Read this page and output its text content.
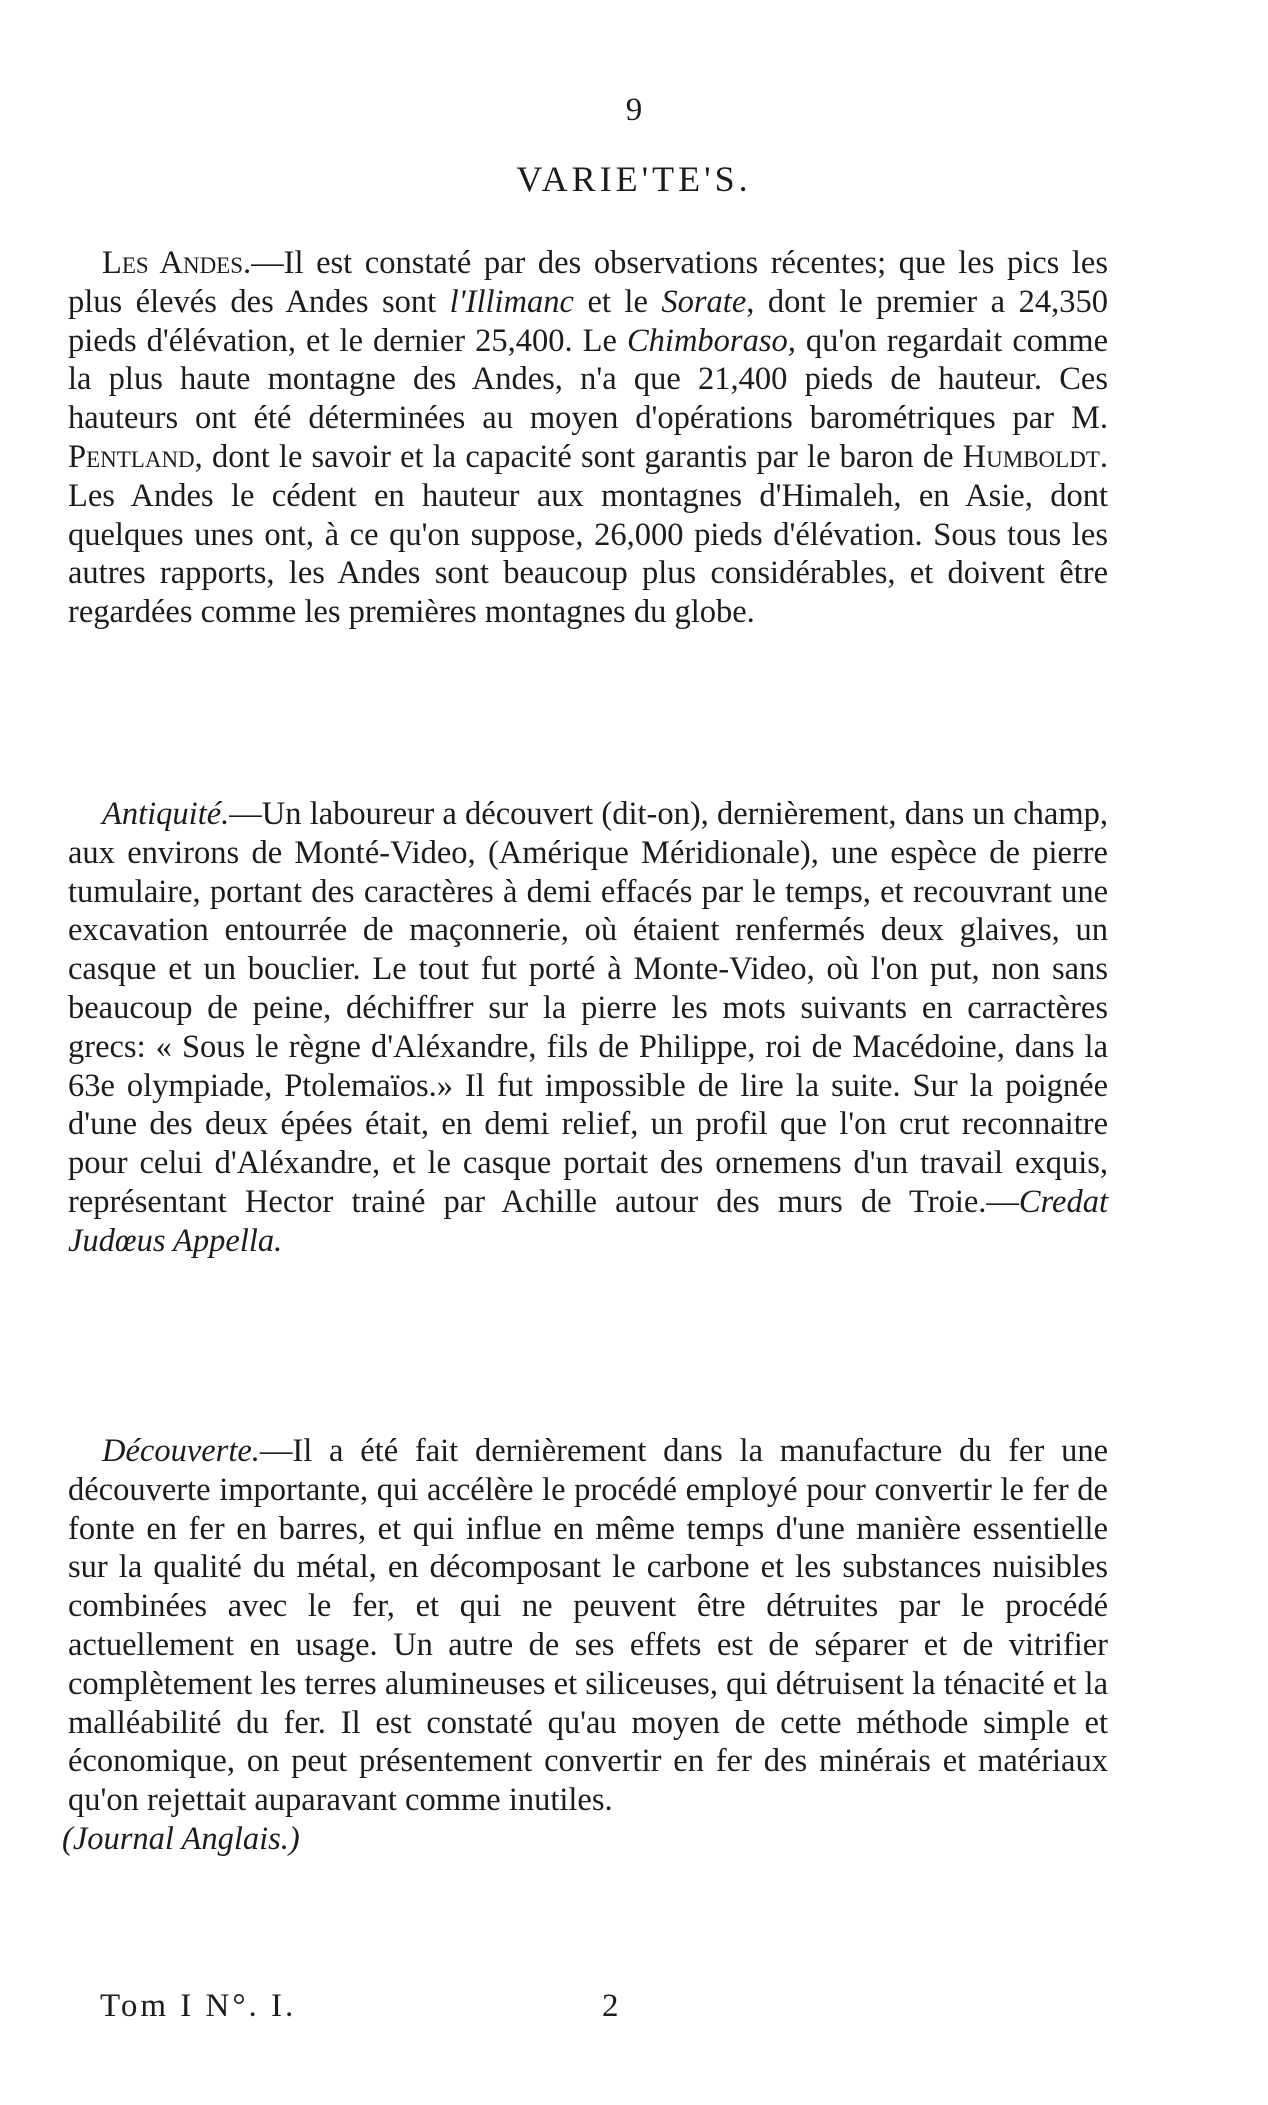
9
VARIE'TE'S.

Les Andes.—Il est constaté par des observations récentes; que les pics les plus élevés des Andes sont l'Illimanc et le Sorate, dont le premier a 24,350 pieds d'élévation, et le dernier 25,400. Le Chimboraso, qu'on regardait comme la plus haute montagne des Andes, n'a que 21,400 pieds de hauteur. Ces hauteurs ont été déterminées au moyen d'opérations barométriques par M. Pentland, dont le savoir et la capacité sont garantis par le baron de Humboldt. Les Andes le cédent en hauteur aux montagnes d'Himaleh, en Asie, dont quelques unes ont, à ce qu'on suppose, 26,000 pieds d'élévation. Sous tous les autres rapports, les Andes sont beaucoup plus considérables, et doivent être regardées comme les premières montagnes du globe.

Antiquité.—Un laboureur a découvert (dit-on), dernièrement, dans un champ, aux environs de Monté-Video, (Amérique Méridionale), une espèce de pierre tumulaire, portant des caractères à demi effacés par le temps, et recouvrant une excavation entourrée de maçonnerie, où étaient renfermés deux glaives, un casque et un bouclier. Le tout fut porté à Monte-Video, où l'on put, non sans beaucoup de peine, déchiffrer sur la pierre les mots suivants en carractères grecs: « Sous le règne d'Aléxandre, fils de Philippe, roi de Macédoine, dans la 63e olympiade, Ptolemaïos.» Il fut impossible de lire la suite. Sur la poignée d'une des deux épées était, en demi relief, un profil que l'on crut reconnaitre pour celui d'Aléxandre, et le casque portait des ornemens d'un travail exquis, représentant Hector trainé par Achille autour des murs de Troie.—Credat Judœus Appella.

Découverte.—Il a été fait dernièrement dans la manufacture du fer une découverte importante, qui accélère le procédé employé pour convertir le fer de fonte en fer en barres, et qui influe en même temps d'une manière essentielle sur la qualité du métal, en décomposant le carbone et les substances nuisibles combinées avec le fer, et qui ne peuvent être détruites par le procédé actuellement en usage. Un autre de ses effets est de séparer et de vitrifier complètement les terres alumineuses et siliceuses, qui détruisent la ténacité et la malléabilité du fer. Il est constaté qu'au moyen de cette méthode simple et économique, on peut présentement convertir en fer des minérais et matériaux qu'on rejettait auparavant comme inutiles.
(Journal Anglais.)

Tom I N°. I.	2
